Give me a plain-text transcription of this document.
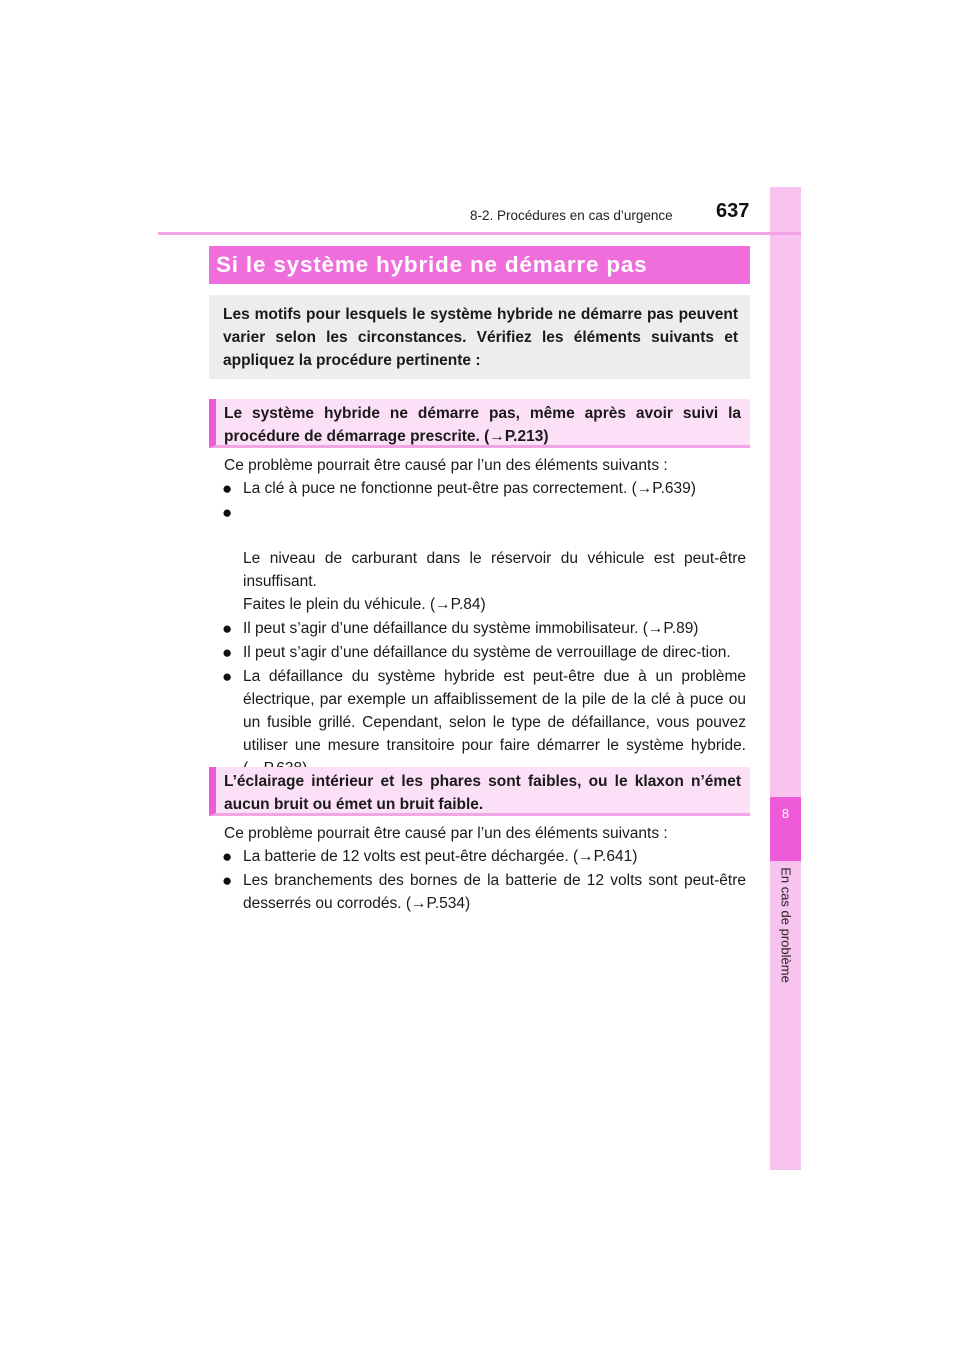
8
En cas de problème
8-2. Procédures en cas d’urgence 637
Si le système hybride ne démarre pas
Les motifs pour lesquels le système hybride ne démarre pas peuvent varier selon les circonstances. Vérifiez les éléments suivants et appliquez la procédure pertinente :
Le système hybride ne démarre pas, même après avoir suivi la procédure de démarrage prescrite. (→P.213)
Ce problème pourrait être causé par l’un des éléments suivants :
● La clé à puce ne fonctionne peut-être pas correctement. (→P.639)

●

Le niveau de carburant dans le réservoir du véhicule est peut-être insuffisant.
Faites le plein du véhicule. (→P.84)

● Il peut s’agir d’une défaillance du système immobilisateur. (→P.89)
● Il peut s’agir d’une défaillance du système de verrouillage de direc-tion.
● La défaillance du système hybride est peut-être due à un problème électrique, par exemple un affaiblissement de la pile de la clé à puce ou un fusible grillé. Cependant, selon le type de défaillance, vous pouvez utiliser une mesure transitoire pour faire démarrer le système hybride.
L’éclairage intérieur et les phares sont faibles, ou le klaxon n’émet aucun bruit ou émet un bruit faible.
Ce problème pourrait être causé par l’un des éléments suivants :
● La batterie de 12 volts est peut-être déchargée. (→P.641)
● Les branchements des bornes de la batterie de 12 volts sont peut-être desserrés ou corrodés. (→P.534)
